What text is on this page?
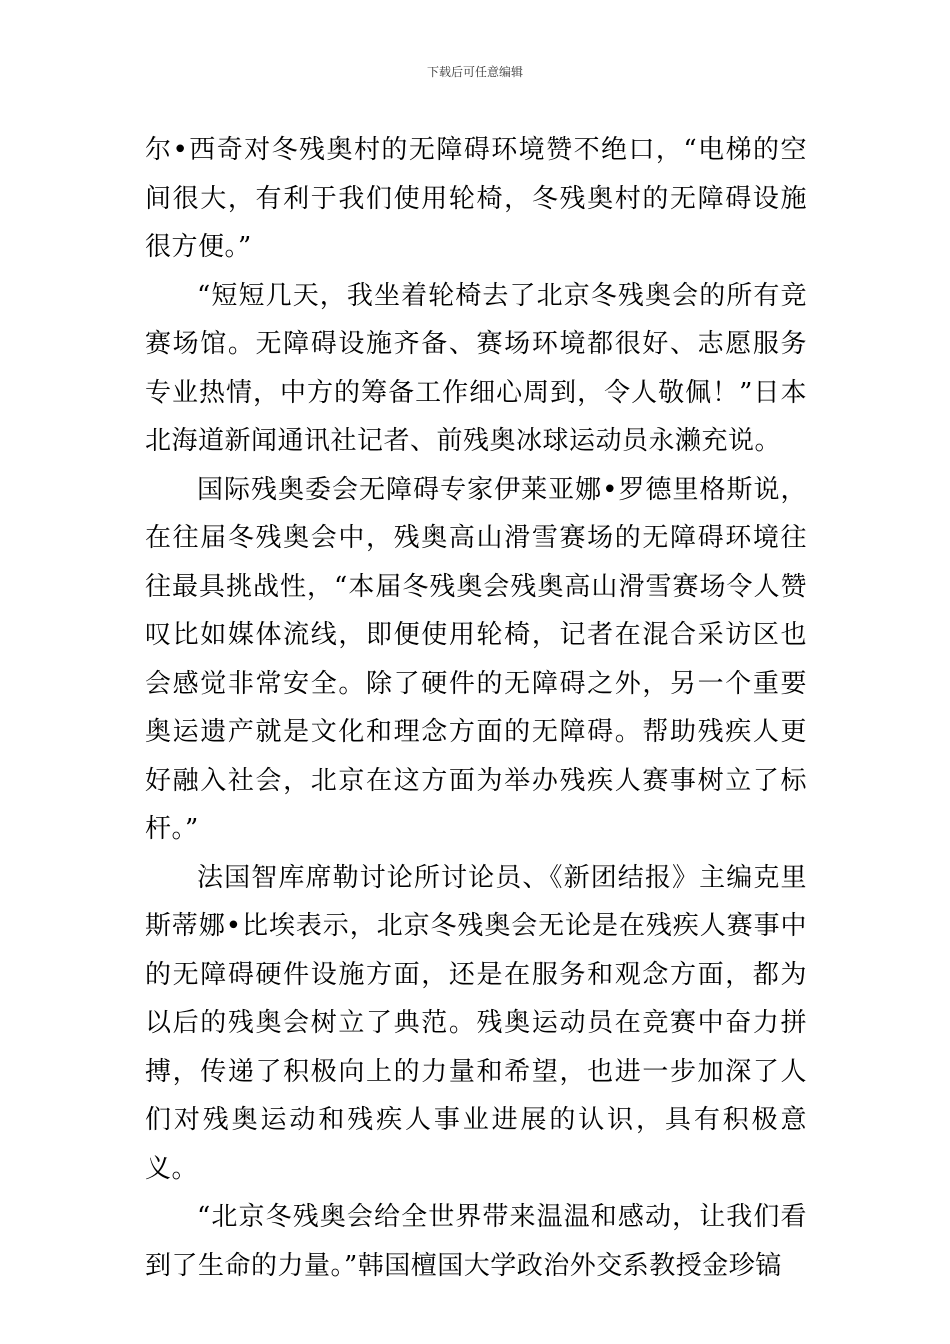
下载后可任意编辑

尔•西奇对冬残奥村的无障碍环境赞不绝口，“电梯的空间很大，有利于我们使用轮椅，冬残奥村的无障碍设施很方便。”

“短短几天，我坐着轮椅去了北京冬残奥会的所有竞赛场馆。无障碍设施齐备、赛场环境都很好、志愿服务专业热情，中方的筹备工作细心周到，令人敬佩！”日本北海道新闻通讯社记者、前残奥冰球运动员永濑充说。

国际残奥委会无障碍专家伊莱亚娜•罗德里格斯说，在往届冬残奥会中，残奥高山滑雪赛场的无障碍环境往往最具挑战性，“本届冬残奥会残奥高山滑雪赛场令人赞叹比如媒体流线，即便使用轮椅，记者在混合采访区也会感觉非常安全。除了硬件的无障碍之外，另一个重要奥运遗产就是文化和理念方面的无障碍。帮助残疾人更好融入社会，北京在这方面为举办残疾人赛事树立了标杆。”

法国智库席勒讨论所讨论员、《新团结报》主编克里斯蒂娜•比埃表示，北京冬残奥会无论是在残疾人赛事中的无障碍硬件设施方面，还是在服务和观念方面，都为以后的残奥会树立了典范。残奥运动员在竞赛中奋力拼搏，传递了积极向上的力量和希望，也进一步加深了人们对残奥运动和残疾人事业进展的认识，具有积极意义。

“北京冬残奥会给全世界带来温温和感动，让我们看到了生命的力量。”韩国檀国大学政治外交系教授金珍镐
